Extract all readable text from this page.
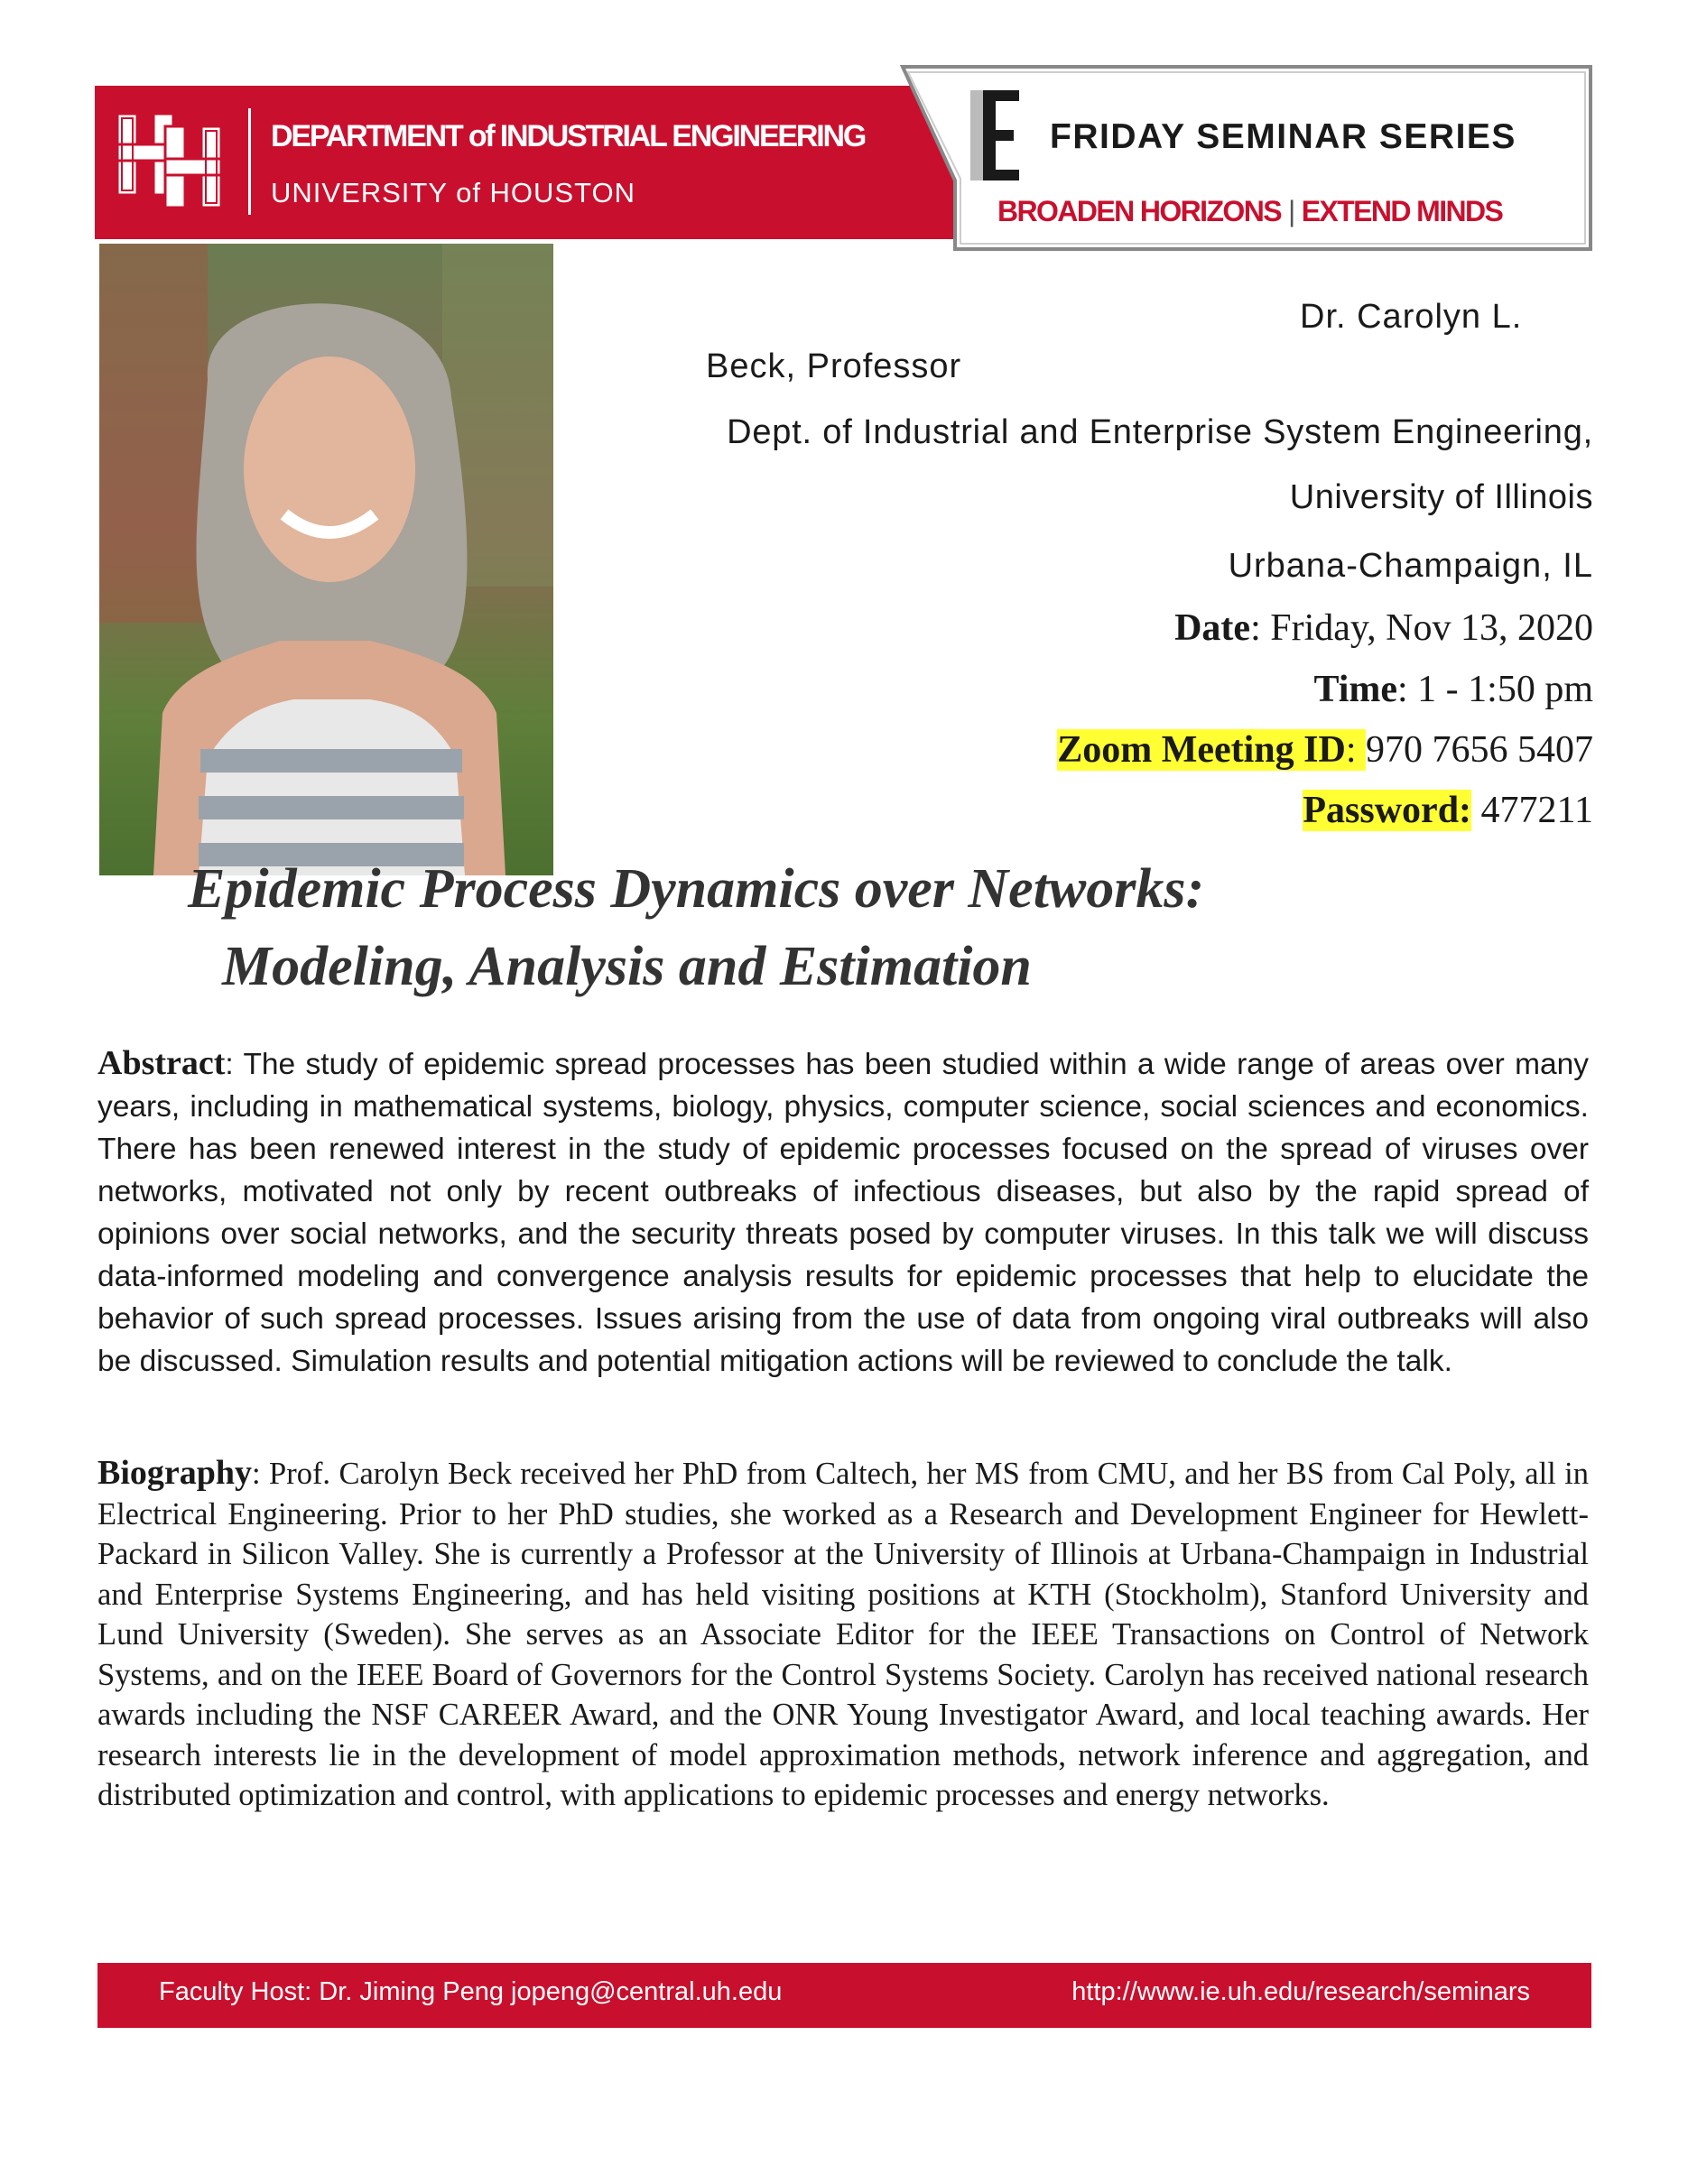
DEPARTMENT of INDUSTRIAL ENGINEERING
UNIVERSITY of HOUSTON
FRIDAY SEMINAR SERIES
BROADEN HORIZONS | EXTEND MINDS
Dr. Carolyn L.
Beck, Professor
Dept. of Industrial and Enterprise System Engineering,
University of Illinois
Urbana-Champaign, IL
Date: Friday, Nov 13, 2020
Time: 1 - 1:50 pm
Zoom Meeting ID: 970 7656 5407
Password: 477211
Epidemic Process Dynamics over Networks:
Modeling, Analysis and Estimation
Abstract: The study of epidemic spread processes has been studied within a wide range of areas over many years, including in mathematical systems, biology, physics, computer science, social sciences and economics. There has been renewed interest in the study of epidemic processes focused on the spread of viruses over networks, motivated not only by recent outbreaks of infectious diseases, but also by the rapid spread of opinions over social networks, and the security threats posed by computer viruses. In this talk we will discuss data-informed modeling and convergence analysis results for epidemic processes that help to elucidate the behavior of such spread processes. Issues arising from the use of data from ongoing viral outbreaks will also be discussed. Simulation results and potential mitigation actions will be reviewed to conclude the talk.
Biography: Prof. Carolyn Beck received her PhD from Caltech, her MS from CMU, and her BS from Cal Poly, all in Electrical Engineering. Prior to her PhD studies, she worked as a Research and Development Engineer for Hewlett-Packard in Silicon Valley. She is currently a Professor at the University of Illinois at Urbana-Champaign in Industrial and Enterprise Systems Engineering, and has held visiting positions at KTH (Stockholm), Stanford University and Lund University (Sweden). She serves as an Associate Editor for the IEEE Transactions on Control of Network Systems, and on the IEEE Board of Governors for the Control Systems Society. Carolyn has received national research awards including the NSF CAREER Award, and the ONR Young Investigator Award, and local teaching awards. Her research interests lie in the development of model approximation methods, network inference and aggregation, and distributed optimization and control, with applications to epidemic processes and energy networks.
Faculty Host: Dr. Jiming Peng jopeng@central.uh.edu	http://www.ie.uh.edu/research/seminars
